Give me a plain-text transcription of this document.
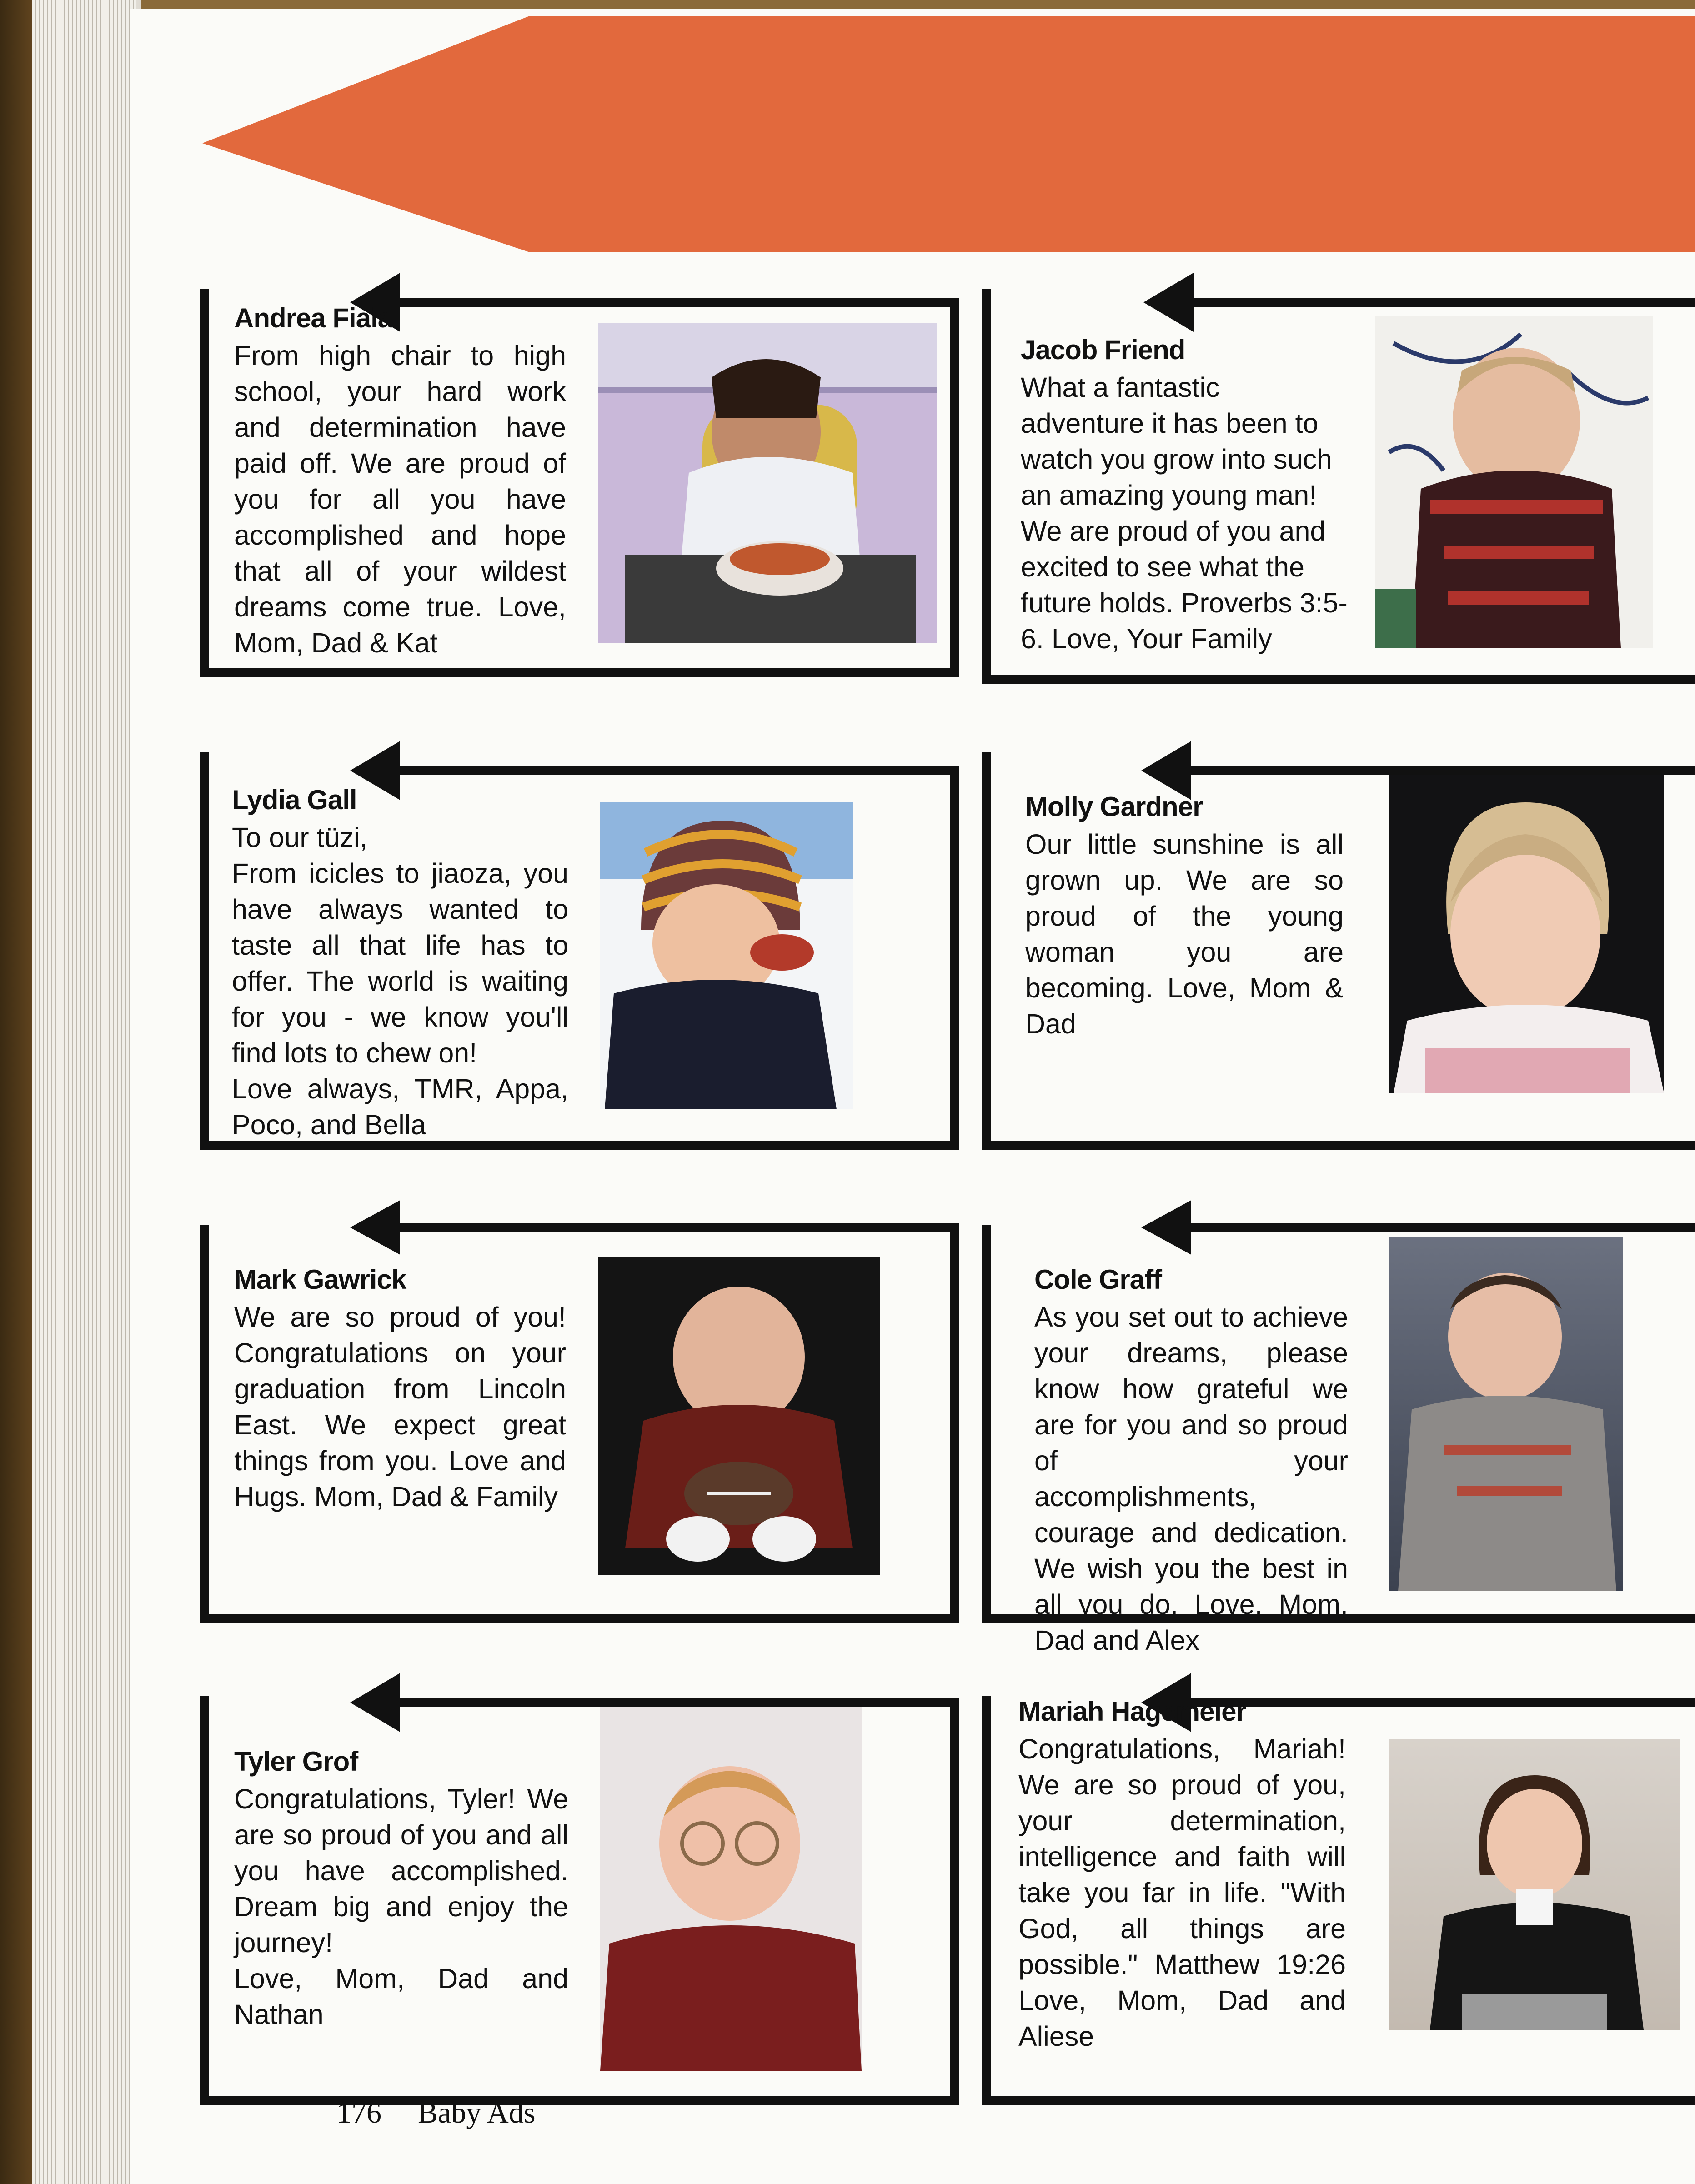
Andrea Fiala
From high chair to high school, your hard work and determination have paid off. We are proud of you for all you have accomplished and hope that all of your wildest dreams come true. Love, Mom, Dad & Kat
Jacob Friend
What a fantastic adventure it has been to watch you grow into such an amazing young man! We are proud of you and excited to see what the future holds. Proverbs 3:5-6. Love, Your Family
Lydia Gall
To our tüzi,
From icicles to jiaoza, you have always wanted to taste all that life has to offer. The world is waiting for you - we know you'll find lots to chew on!
Love always, TMR, Appa, Poco, and Bella
Molly Gardner
Our little sunshine is all grown up. We are so proud of the young woman you are becoming. Love, Mom & Dad
Mark Gawrick
We are so proud of you! Congratulations on your graduation from Lincoln East. We expect great things from you. Love and Hugs. Mom, Dad & Family
Cole Graff
As you set out to achieve your dreams, please know how grateful we are for you and so proud of your accomplishments, courage and dedication. We wish you the best in all you do. Love, Mom, Dad and Alex
Tyler Grof
Congratulations, Tyler! We are so proud of you and all you have accomplished. Dream big and enjoy the journey!
Love, Mom, Dad and Nathan
Mariah Hagemeier
Congratulations, Mariah! We are so proud of you, your determination, intelligence and faith will take you far in life. "With God, all things are possible." Matthew 19:26 Love, Mom, Dad and Aliese
176 Baby Ads
